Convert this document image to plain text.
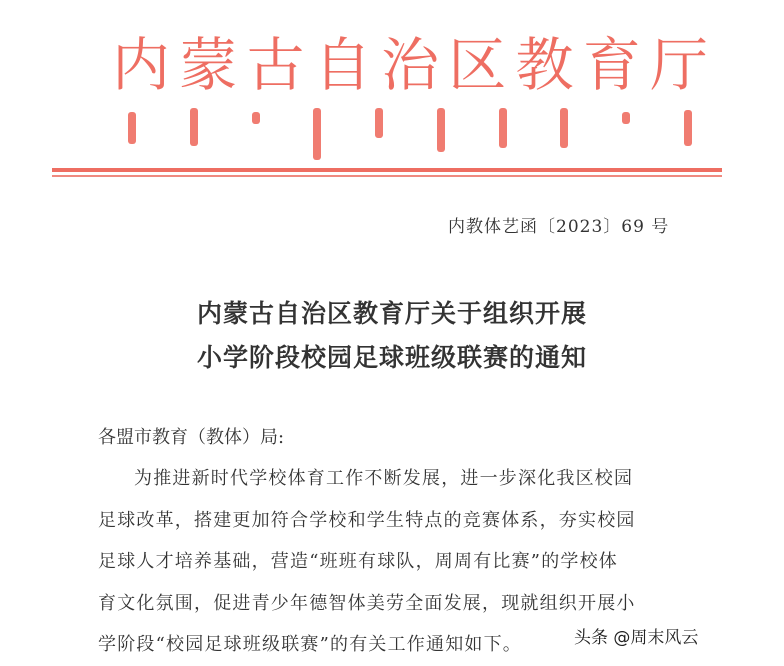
内 蒙 古 自 治 区 教 育 厅
内教体艺函〔2023〕69 号
内蒙古自治区教育厅关于组织开展
小学阶段校园足球班级联赛的通知
各盟市教育（教体）局:
为推进新时代学校体育工作不断发展，进一步深化我区校园
足球改革，搭建更加符合学校和学生特点的竞赛体系，夯实校园
足球人才培养基础，营造“班班有球队，周周有比赛”的学校体
育文化氛围，促进青少年德智体美劳全面发展，现就组织开展小
学阶段“校园足球班级联赛”的有关工作通知如下。	头条 @周末风云
